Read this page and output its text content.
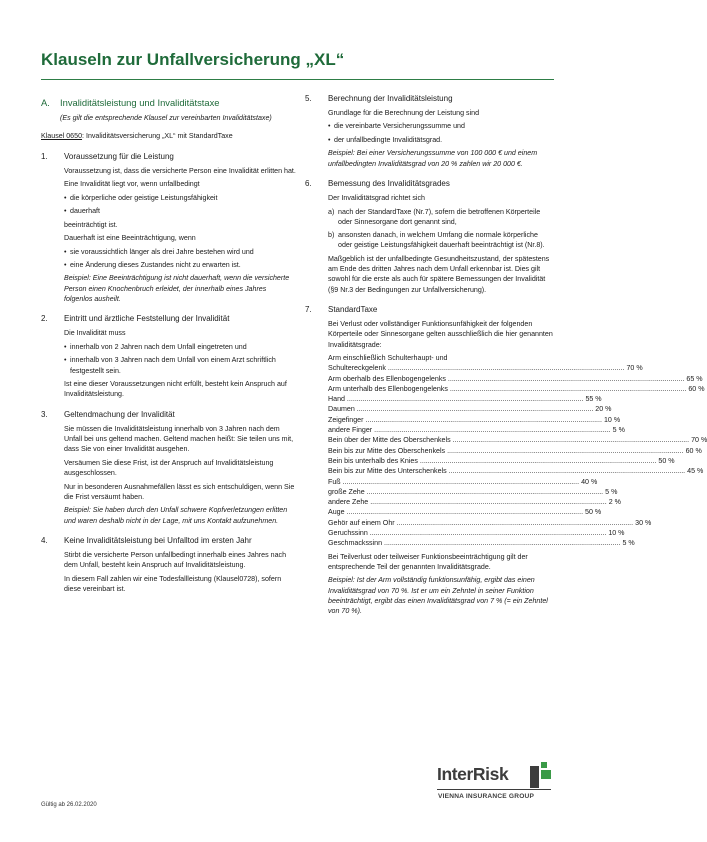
Klauseln zur Unfallversicherung „XL“
A. Invaliditätsleistung und Invaliditätstaxe

(Es gilt die entsprechende Klausel zur vereinbarten Invaliditätstaxe)

Klausel 0650: Invaliditätsversicherung „XL“ mit StandardTaxe

1.	Voraussetzung für die Leistung

Voraussetzung ist, dass die versicherte Person eine Invalidität erlitten hat.

Eine Invalidität liegt vor, wenn unfallbedingt

• die körperliche oder geistige Leistungsfähigkeit

• dauerhaft

beeinträchtigt ist.

Dauerhaft ist eine Beeinträchtigung, wenn

• sie voraussichtlich länger als drei Jahre bestehen wird und

• eine Änderung dieses Zustandes nicht zu erwarten ist.

Beispiel: Eine Beeinträchtigung ist nicht dauerhaft, wenn die versicherte Person einen Knochenbruch erleidet, der innerhalb eines Jahres folgenlos ausheilt.

2.	Eintritt und ärztliche Feststellung der Invalidität

Die Invalidität muss

• innerhalb von 2 Jahren nach dem Unfall eingetreten und

• innerhalb von 3 Jahren nach dem Unfall von einem Arzt schriftlich festgestellt sein.

Ist eine dieser Voraussetzungen nicht erfüllt, besteht kein Anspruch auf Invaliditätsleistung.

3.	Geltendmachung der Invalidität

Sie müssen die Invaliditätsleistung innerhalb von 3 Jahren nach dem Unfall bei uns geltend machen. Geltend machen heißt: Sie teilen uns mit, dass Sie von einer Invalidität ausgehen.

Versäumen Sie diese Frist, ist der Anspruch auf Invaliditätsleistung ausgeschlossen.

Nur in besonderen Ausnahmefällen lässt es sich entschuldigen, wenn Sie die Frist versäumt haben.

Beispiel: Sie haben durch den Unfall schwere Kopfverletzungen erlitten und waren deshalb nicht in der Lage, mit uns Kontakt aufzunehmen.

4.	Keine Invaliditätsleistung bei Unfalltod im ersten Jahr

Stirbt die versicherte Person unfallbedingt innerhalb eines Jahres nach dem Unfall, besteht kein Anspruch auf Invaliditätsleistung.

In diesem Fall zahlen wir eine Todesfallleistung (Klausel0728), sofern diese vereinbart ist.

5.	Berechnung der Invaliditätsleistung

Grundlage für die Berechnung der Leistung sind

• die vereinbarte Versicherungssumme und

• der unfallbedingte Invaliditätsgrad.

Beispiel: Bei einer Versicherungssumme von 100 000 € und einem unfallbedingten Invaliditätsgrad von 20 % zahlen wir 20 000 €.

6.	Bemessung des Invaliditätsgrades

Der Invaliditätsgrad richtet sich

a) nach der StandardTaxe (Nr.7), sofern die betroffenen Körperteile oder Sinnesorgane dort genannt sind,
b) ansonsten danach, in welchem Umfang die normale körperliche oder geistige Leistungsfähigkeit dauerhaft beeinträchtigt ist (Nr.8).

Maßgeblich ist der unfallbedingte Gesundheitszustand, der spätestens am Ende des dritten Jahres nach dem Unfall erkennbar ist. Dies gilt sowohl für die erste als auch für spätere Bemessungen der Invalidität (§9 Nr.3 der Bedingungen zur Unfallversicherung).

7.	StandardTaxe

Bei Verlust oder vollständiger Funktionsunfähigkeit der folgenden Körperteile oder Sinnesorgane gelten ausschließlich die hier genannten Invaliditätsgrade:

Arm einschließlich Schulterhaupt- und
Schultereckgelenk ........................................................................................................................ 70 %
Arm oberhalb des Ellenbogengelenks ........................................................................................................................ 65 %
Arm unterhalb des Ellenbogengelenks ........................................................................................................................ 60 %
Hand ........................................................................................................................ 55 %
Daumen ........................................................................................................................ 20 %
Zeigefinger ........................................................................................................................ 10 %
andere Finger ........................................................................................................................ 5 %
Bein über der Mitte des Oberschenkels ........................................................................................................................ 70 %
Bein bis zur Mitte des Oberschenkels ........................................................................................................................ 60 %
Bein bis unterhalb des Knies ........................................................................................................................ 50 %
Bein bis zur Mitte des Unterschenkels ........................................................................................................................ 45 %
Fuß ........................................................................................................................ 40 %
große Zehe ........................................................................................................................ 5 %
andere Zehe ........................................................................................................................ 2 %
Auge ........................................................................................................................ 50 %
Gehör auf einem Ohr ........................................................................................................................ 30 %
Geruchssinn ........................................................................................................................ 10 %
Geschmackssinn ........................................................................................................................ 5 %

Bei Teilverlust oder teilweiser Funktionsbeeinträchtigung gilt der entsprechende Teil der genannten Invaliditätsgrade.

Beispiel: Ist der Arm vollständig funktionsunfähig, ergibt das einen Invaliditätsgrad von 70 %. Ist er um ein Zehntel in seiner Funktion beeinträchtigt, ergibt das einen Invaliditätsgrad von 7 % (= ein Zehntel von 70 %).

InterRisk
VIENNA INSURANCE GROUP
Gültig ab 26.02.2020
